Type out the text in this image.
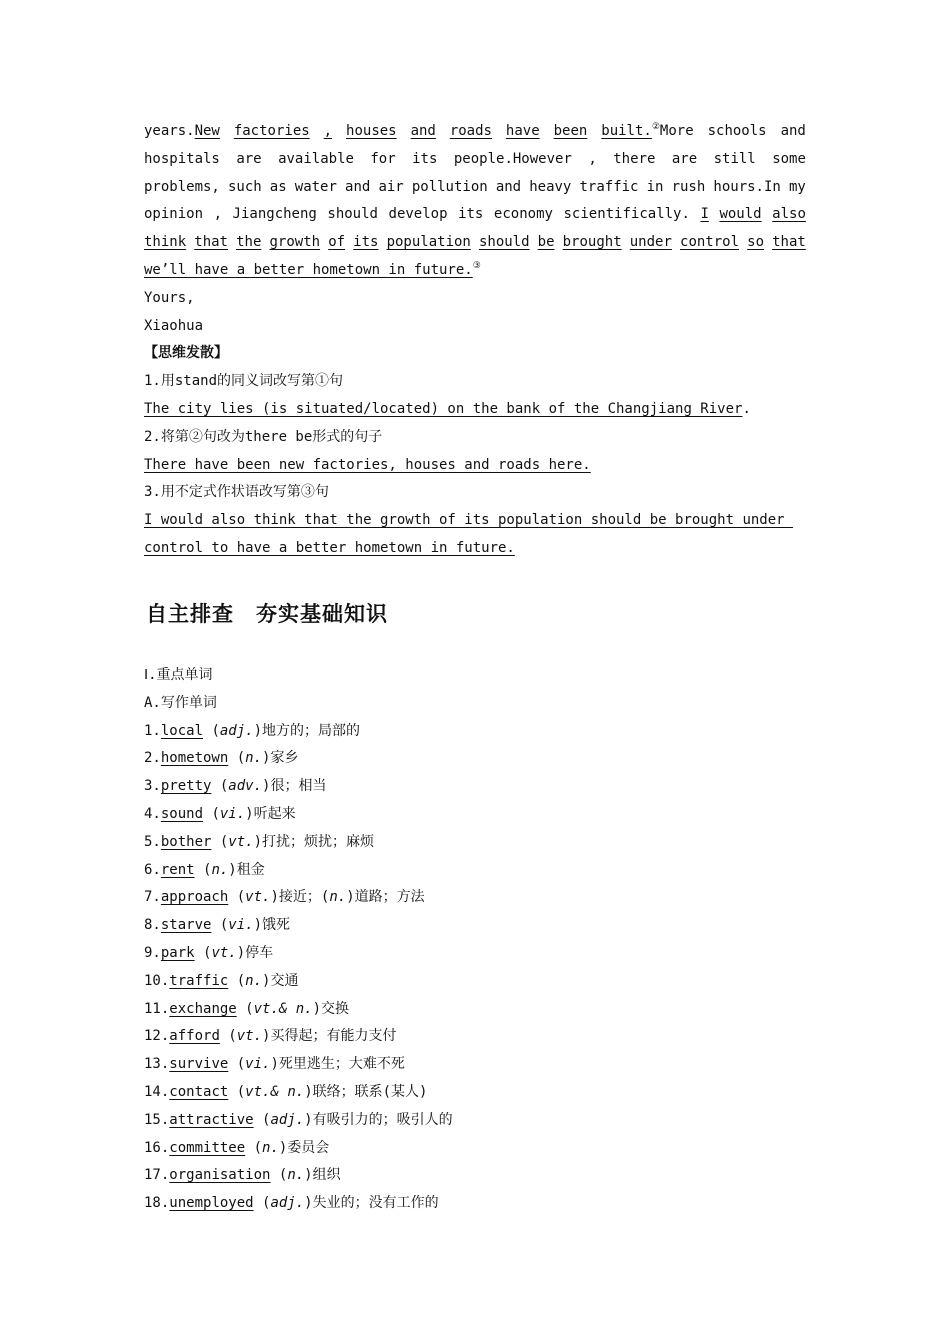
years.New factories , houses and roads have been built.②More schools and
hospitals are available for its people.However , there are still some
problems, such as water and air pollution and heavy traffic in rush hours.In my
opinion , Jiangcheng should develop its economy scientifically. I would also
think that the growth of its population should be brought under control so that
we’ll have a better hometown in future.③
Yours,
Xiaohua
【思维发散】
1.用stand的同义词改写第①句
The city lies (is situated/located) on the bank of the Changjiang River.
2.将第②句改为there be形式的句子
There have been new factories, houses and roads here.
3.用不定式作状语改写第③句
I would also think that the growth of its population should be brought under
control to have a better hometown in future.
自主排查 夯实基础知识
Ⅰ.重点单词
A.写作单词
1.local (adj.)地方的；局部的
2.hometown (n.)家乡
3.pretty (adv.)很；相当
4.sound (vi.)听起来
5.bother (vt.)打扰；烦扰；麻烦
6.rent (n.)租金
7.approach (vt.)接近；(n.)道路；方法
8.starve (vi.)饿死
9.park (vt.)停车
10.traffic (n.)交通
11.exchange (vt.& n.)交换
12.afford (vt.)买得起；有能力支付
13.survive (vi.)死里逃生；大难不死
14.contact (vt.& n.)联络；联系(某人)
15.attractive (adj.)有吸引力的；吸引人的
16.committee (n.)委员会
17.organisation (n.)组织
18.unemployed (adj.)失业的；没有工作的
